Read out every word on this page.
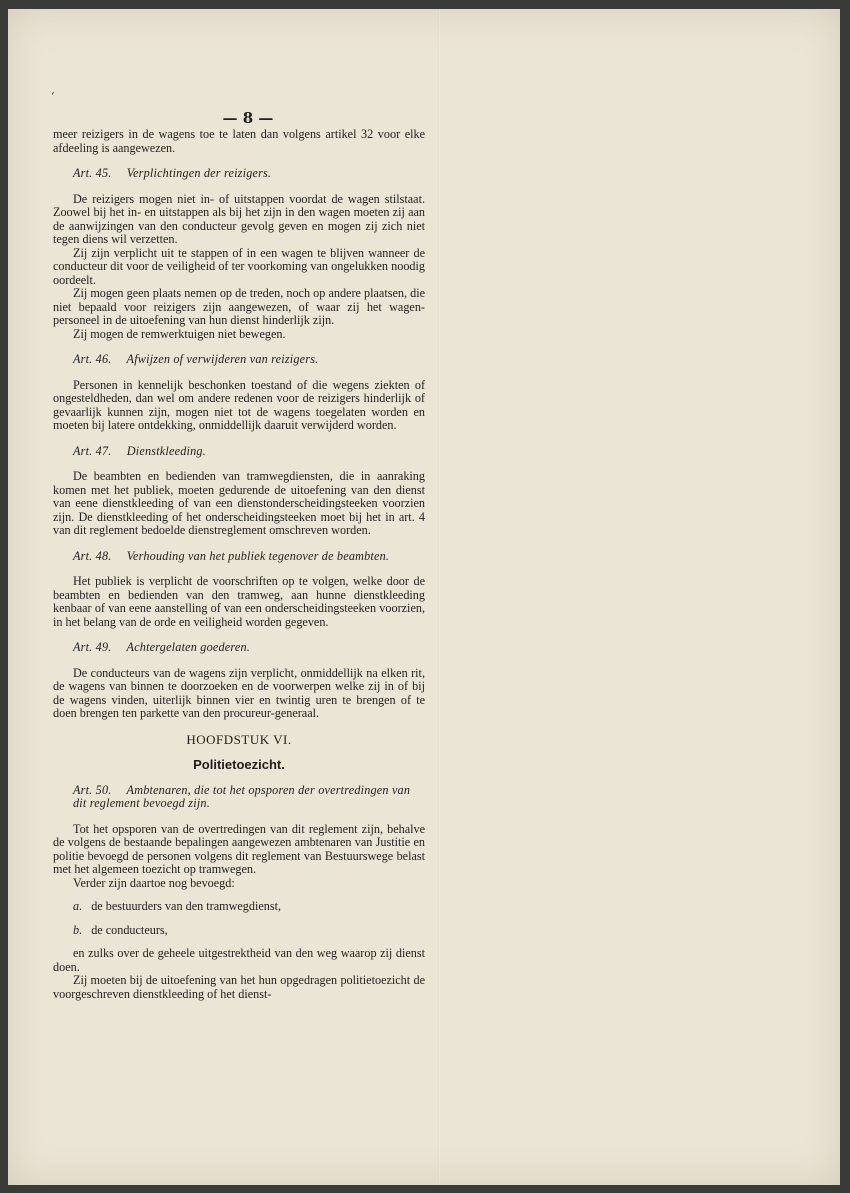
‘
— 8 —

meer reizigers in de wagens toe te laten dan volgens artikel 32 voor elke afdeeling is aangewezen.

Art. 45. Verplichtingen der reizigers.

De reizigers mogen niet in- of uitstappen voordat de wagen stilstaat. Zoowel bij het in- en uitstappen als bij het zijn in den wagen moeten zij aan de aanwijzingen van den conducteur gevolg geven en mogen zij zich niet tegen diens wil verzetten.

Zij zijn verplicht uit te stappen of in een wagen te blijven wanneer de conducteur dit voor de veiligheid of ter voorkoming van ongelukken noodig oordeelt.

Zij mogen geen plaats nemen op de treden, noch op andere plaatsen, die niet bepaald voor reizigers zijn aangewezen, of waar zij het wagen-personeel in de uitoefening van hun dienst hinderlijk zijn.

Zij mogen de remwerktuigen niet bewegen.

Art. 46. Afwijzen of verwijderen van reizigers.

Personen in kennelijk beschonken toestand of die wegens ziekten of ongesteldheden, dan wel om andere redenen voor de reizigers hinderlijk of gevaarlijk kunnen zijn, mogen niet tot de wagens toegelaten worden en moeten bij latere ontdekking, onmiddellijk daaruit verwijderd worden.

Art. 47. Dienstkleeding.

De beambten en bedienden van tramwegdiensten, die in aanraking komen met het publiek, moeten gedurende de uitoefening van den dienst van eene dienstkleeding of van een dienstonderscheidingsteeken voorzien zijn. De dienstkleeding of het onderscheidingsteeken moet bij het in art. 4 van dit reglement bedoelde dienstreglement omschreven worden.

Art. 48. Verhouding van het publiek tegenover de beambten.

Het publiek is verplicht de voorschriften op te volgen, welke door de beambten en bedienden van den tramweg, aan hunne dienstkleeding kenbaar of van eene aanstelling of van een onderscheidingsteeken voorzien, in het belang van de orde en veiligheid worden gegeven.

Art. 49. Achtergelaten goederen.

De conducteurs van de wagens zijn verplicht, onmiddellijk na elken rit, de wagens van binnen te doorzoeken en de voorwerpen welke zij in of bij de wagens vinden, uiterlijk binnen vier en twintig uren te brengen of te doen brengen ten parkette van den procureur-generaal.

HOOFDSTUK VI.

Politietoezicht.

Art. 50. Ambtenaren, die tot het opsporen der overtredingen van dit reglement bevoegd zijn.

Tot het opsporen van de overtredingen van dit reglement zijn, behalve de volgens de bestaande bepalingen aangewezen ambtenaren van Justitie en politie bevoegd de personen volgens dit reglement van Bestuurswege belast met het algemeen toezicht op tramwegen.

Verder zijn daartoe nog bevoegd:

a. de bestuurders van den tramwegdienst,

b. de conducteurs,

en zulks over de geheele uitgestrektheid van den weg waarop zij dienst doen.

Zij moeten bij de uitoefening van het hun opgedragen politietoezicht de voorgeschreven dienstkleeding of het dienst-
